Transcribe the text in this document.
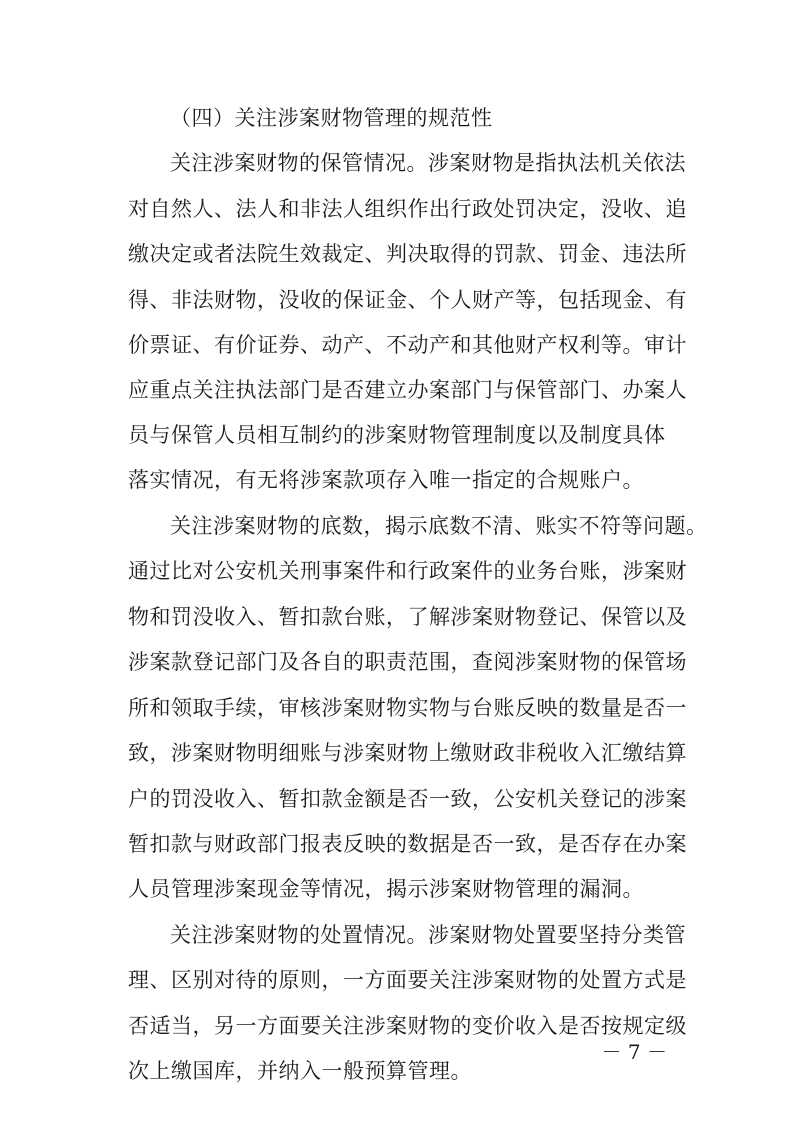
（四）关注涉案财物管理的规范性
关注涉案财物的保管情况。涉案财物是指执法机关依法
对自然人、法人和非法人组织作出行政处罚决定，没收、追
缴决定或者法院生效裁定、判决取得的罚款、罚金、违法所
得、非法财物，没收的保证金、个人财产等，包括现金、有
价票证、有价证券、动产、不动产和其他财产权利等。审计
应重点关注执法部门是否建立办案部门与保管部门、办案人
员与保管人员相互制约的涉案财物管理制度以及制度具体
落实情况，有无将涉案款项存入唯一指定的合规账户。
关注涉案财物的底数，揭示底数不清、账实不符等问题。
通过比对公安机关刑事案件和行政案件的业务台账，涉案财
物和罚没收入、暂扣款台账，了解涉案财物登记、保管以及
涉案款登记部门及各自的职责范围，查阅涉案财物的保管场
所和领取手续，审核涉案财物实物与台账反映的数量是否一
致，涉案财物明细账与涉案财物上缴财政非税收入汇缴结算
户的罚没收入、暂扣款金额是否一致，公安机关登记的涉案
暂扣款与财政部门报表反映的数据是否一致，是否存在办案
人员管理涉案现金等情况，揭示涉案财物管理的漏洞。
关注涉案财物的处置情况。涉案财物处置要坚持分类管
理、区别对待的原则，一方面要关注涉案财物的处置方式是
否适当，另一方面要关注涉案财物的变价收入是否按规定级
次上缴国库，并纳入一般预算管理。
－ 7 －
